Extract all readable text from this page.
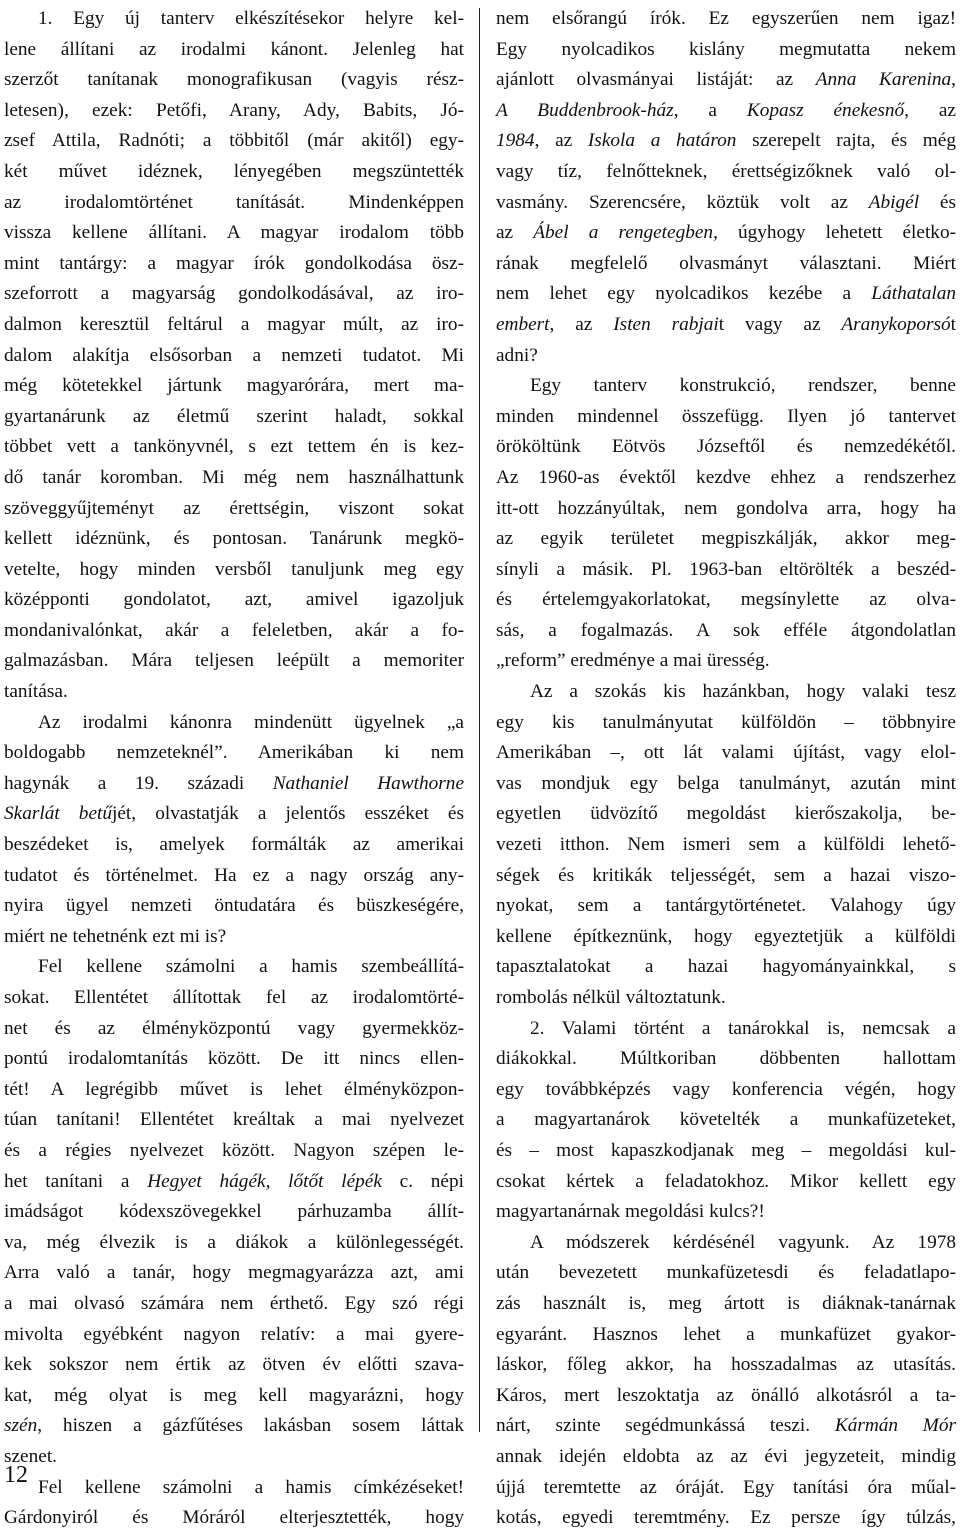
1. Egy új tanterv elkészítésekor helyre kel-
lene állítani az irodalmi kánont. Jelenleg hat
szerzőt tanítanak monografikusan (vagyis rész-
letesen), ezek: Petőfi, Arany, Ady, Babits, Jó-
zsef Attila, Radnóti; a többitől (már akitől) egy-
két művet idéznek, lényegében megszüntették
az irodalomtörténet tanítását. Mindenképpen
vissza kellene állítani. A magyar irodalom több
mint tantárgy: a magyar írók gondolkodása ösz-
szeforrott a magyarság gondolkodásával, az iro-
dalmon keresztül feltárul a magyar múlt, az iro-
dalom alakítja elsősorban a nemzeti tudatot. Mi
még kötetekkel jártunk magyarórára, mert ma-
gyartanárunk az életmű szerint haladt, sokkal
többet vett a tankönyvnél, s ezt tettem én is kez-
dő tanár koromban. Mi még nem használhattunk
szöveggyűjteményt az érettségin, viszont sokat
kellett idéznünk, és pontosan. Tanárunk megkö-
vetelte, hogy minden versből tanuljunk meg egy
középponti gondolatot, azt, amivel igazoljuk
mondanivalónkat, akár a feleletben, akár a fo-
galmazásban. Mára teljesen leépült a memoriter
tanítása.
Az irodalmi kánonra mindenütt ügyelnek „a
boldogabb nemzeteknél”. Amerikában ki nem
hagynák a 19. századi Nathaniel Hawthorne
Skarlát betűjét, olvastatják a jelentős esszéket és
beszédeket is, amelyek formálták az amerikai
tudatot és történelmet. Ha ez a nagy ország any-
nyira ügyel nemzeti öntudatára és büszkeségére,
miért ne tehetnénk ezt mi is?
Fel kellene számolni a hamis szembeállítá-
sokat. Ellentétet állítottak fel az irodalomtörté-
net és az élményközpontú vagy gyermekköz-
pontú irodalomtanítás között. De itt nincs ellen-
tét! A legrégibb művet is lehet élményközpon-
túan tanítani! Ellentétet kreáltak a mai nyelvezet
és a régies nyelvezet között. Nagyon szépen le-
het tanítani a Hegyet hágék, lőtőt lépék c. népi
imádságot kódexszövegekkel párhuzamba állít-
va, még élvezik is a diákok a különlegességét.
Arra való a tanár, hogy megmagyarázza azt, ami
a mai olvasó számára nem érthető. Egy szó régi
mivolta egyébként nagyon relatív: a mai gyere-
kek sokszor nem értik az ötven év előtti szava-
kat, még olyat is meg kell magyarázni, hogy
szén, hiszen a gázfűtéses lakásban sosem láttak
szenet.
Fel kellene számolni a hamis címkézéseket!
Gárdonyiról és Móráról elterjesztették, hogy
nem elsőrangú írók. Ez egyszerűen nem igaz!
Egy nyolcadikos kislány megmutatta nekem
ajánlott olvasmányai listáját: az Anna Karenina,
A Buddenbrook-ház, a Kopasz énekesnő, az
1984, az Iskola a határon szerepelt rajta, és még
vagy tíz, felnőtteknek, érettségizőknek való ol-
vasmány. Szerencsére, köztük volt az Abigél és
az Ábel a rengetegben, úgyhogy lehetett életko-
rának megfelelő olvasmányt választani. Miért
nem lehet egy nyolcadikos kezébe a Láthatalan
embert, az Isten rabjait vagy az Aranykoporsót
adni?
Egy tanterv konstrukció, rendszer, benne
minden mindennel összefügg. Ilyen jó tantervet
örököltünk Eötvös Józseftől és nemzedékétől.
Az 1960-as évektől kezdve ehhez a rendszerhez
itt-ott hozzányúltak, nem gondolva arra, hogy ha
az egyik területet megpiszkálják, akkor meg-
sínyli a másik. Pl. 1963-ban eltörölték a beszéd-
és értelemgyakorlatokat, megsínylette az olva-
sás, a fogalmazás. A sok efféle átgondolatlan
„reform” eredménye a mai üresség.
Az a szokás kis hazánkban, hogy valaki tesz
egy kis tanulmányutat külföldön – többnyire
Amerikában –, ott lát valami újítást, vagy elol-
vas mondjuk egy belga tanulmányt, azután mint
egyetlen üdvözítő megoldást kierőszakolja, be-
vezeti itthon. Nem ismeri sem a külföldi lehető-
ségek és kritikák teljességét, sem a hazai viszo-
nyokat, sem a tantárgytörténetet. Valahogy úgy
kellene építkeznünk, hogy egyeztetjük a külföldi
tapasztalatokat a hazai hagyományainkkal, s
rombolás nélkül változtatunk.
2. Valami történt a tanárokkal is, nemcsak a
diákokkal. Múltkoriban döbbenten hallottam
egy továbbképzés vagy konferencia végén, hogy
a magyartanárok követelték a munkafüzeteket,
és – most kapaszkodjanak meg – megoldási kul-
csokat kértek a feladatokhoz. Mikor kellett egy
magyartanárnak megoldási kulcs?!
A módszerek kérdésénél vagyunk. Az 1978
után bevezetett munkafüzetesdi és feladatlapo-
zás használt is, meg ártott is diáknak-tanárnak
egyaránt. Hasznos lehet a munkafüzet gyakor-
láskor, főleg akkor, ha hosszadalmas az utasítás.
Káros, mert leszoktatja az önálló alkotásról a ta-
nárt, szinte segédmunkássá teszi. Kármán Mór
annak idején eldobta az az évi jegyzeteit, mindig
újjá teremtette az óráját. Egy tanítási óra műal-
kotás, egyedi teremtmény. Ez persze így túlzás,
12
